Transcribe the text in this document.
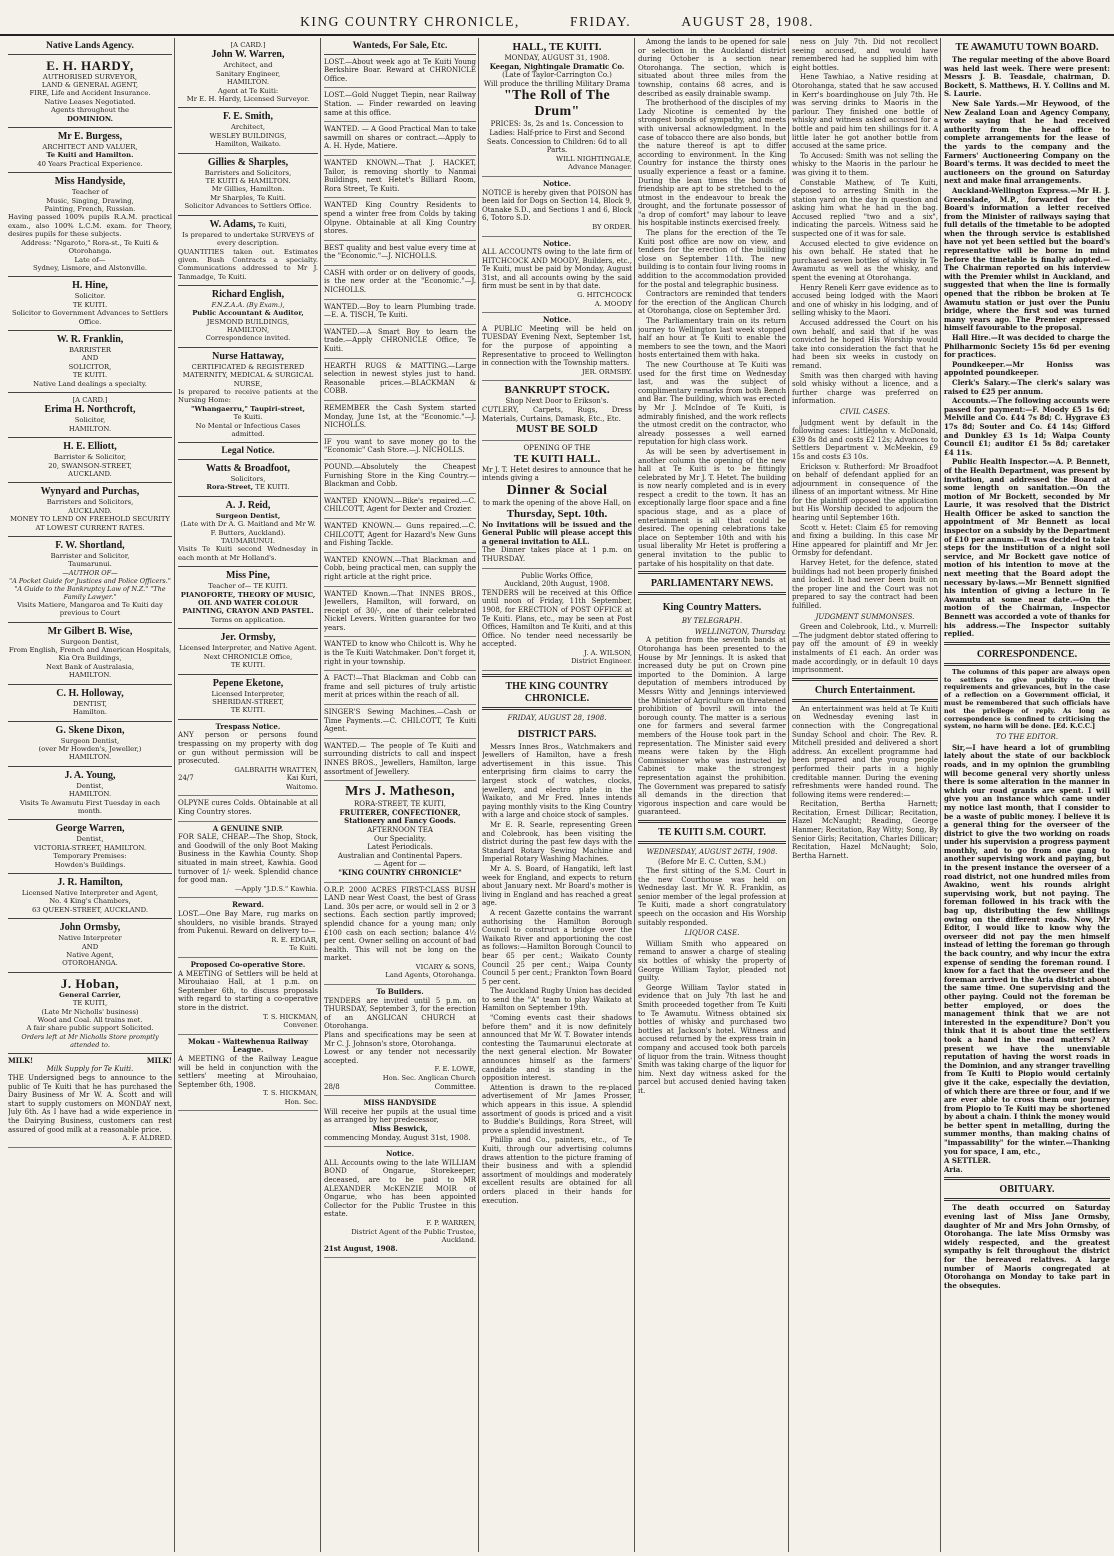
KING COUNTRY CHRONICLE,	FRIDAY.	AUGUST 28, 1908.
Native Lands Agency.
E. H. HARDY,
AUTHORISED SURVEYOR,
LAND & GENERAL AGENT,
FIRE, Life and Accident Insurance.
Native Leases Negotiated.
Agents throughout the
DOMINION.
Mr E. Burgess,
ARCHITECT AND VALUER,
Te Kuiti and Hamilton.
40 Years Practical Experience.
Miss Handyside,
Teacher of
Music, Singing, Drawing,
Painting, French, Russian.
Having passed 100% pupils R.A.M. practical exam., also 100% L.C.M. exam. for Theory, desires pupils for these subjects.
Address: "Ngaroto," Rora-st., Te Kuiti & Otorohanga.
Late of—
Sydney, Lismore, and Alstonville.
H. Hine,
Solicitor.
TE KUITI.
Solicitor to Government Advances to Settlers Office.
W. R. Franklin,
BARRISTER
AND
SOLICITOR,
TE KUITI.
Native Land dealings a specialty.
[A CARD.]
Erima H. Northcroft,
Solicitor,
HAMILTON.
H. E. Elliott,
Barrister & Solicitor,
20, SWANSON-STREET,
AUCKLAND.
Wynyard and Purchas,
Barristers and Solicitors,
AUCKLAND.
MONEY TO LEND ON FREEHOLD SECURITY AT LOWEST CURRENT RATES.
F. W. Shortland,
Barrister and Solicitor,
Taumarunui.
—AUTHOR OF—
"A Pocket Guide for Justices and Police Officers." "A Guide to the Bankruptcy Law of N.Z." "The Family Lawyer."
Visits Matiere, Mangaroa and Te Kuiti day previous to Court
Mr Gilbert B. Wise,
Surgeon Dentist,
From English, French and American Hospitals,
Kia Ora Buildings,
Next Bank of Australasia,
HAMILTON.
C. H. Holloway,
DENTIST,
Hamilton.
G. Skene Dixon,
Surgeon Dentist,
(over Mr Howden's, Jeweller,)
HAMILTON.
J. A. Young,
Dentist,
HAMILTON.
Visits Te Awamutu First Tuesday in each month.
George Warren,
Dentist,
VICTORIA-STREET, HAMILTON.
Temporary Premises:
Howden's Buildings.
J. R. Hamilton,
Licensed Native Interpreter and Agent,
No. 4 King's Chambers,
63 QUEEN-STREET, AUCKLAND.
John Ormsby,
Native Interpreter
AND
Native Agent,
OTOROHANGA.
J. Hoban,
General Carrier,
TE KUITI,
(Late Mr Nicholls' business)
Wood and Coal. All trains met.
A fair share public support Solicited.
Orders left at Mr Nicholls Store promptly attended to.
MILK!	MILK!
Milk Supply for Te Kuiti.
THE Undersigned begs to announce to the public of Te Kuiti that he has purchased the Dairy Business of Mr W. A. Scott and will start to supply customers on MONDAY next, July 6th. As I have had a wide experience in the Dairying Business, customers can rest assured of good milk at a reasonable price.
A. F. ALDRED.
[A CARD.]
John W. Warren,
Architect, and
Sanitary Engineer,
HAMILTON.
Agent at Te Kuiti:
Mr E. H. Hardy, Licensed Surveyor.
F. E. Smith,
Architect,
WESLEY BUILDINGS,
Hamilton, Waikato.
Gillies & Sharples,
Barristers and Solicitors,
TE KUITI & HAMILTON.
Mr Gillies, Hamilton.
Mr Sharples, Te Kuiti.
Solicitor Advances to Settlers Office.
W. Adams, Te Kuiti,
Is prepared to undertake SURVEYS of every description.
QUANTITIES taken out. Estimates given. Bush Contracts a specialty. Communications addressed to Mr J. Tanmadge, Te Kuiti.
Richard English,
F.N.Z.A.A. (By Exam.),
Public Accountant & Auditor,
JESMOND BUILDINGS,
HAMILTON,
Correspondence invited.
Nurse Hattaway,
CERTIFICATED & REGISTERED
MATERNITY, MEDICAL & SURGICAL NURSE,
Is prepared to receive patients at the Nursing Home:
"Whangaerru," Taupiri-street,
Te Kuiti.
No Mental or Infectious Cases admitted.
Legal Notice.
Watts & Broadfoot,
Solicitors,
Rora-Street, TE KUITI.
A. J. Reid,
Surgeon Dentist,
(Late with Dr A. G. Maitland and Mr W. F. Butters, Auckland).
TAUMARUNUI.
Visits Te Kuiti second Wednesday in each month at Mr Holland's.
Miss Pine,
Teacher of— TE KUITI.
PIANOFORTE, THEORY OF MUSIC, OIL AND WATER COLOUR PAINTING, CRAYON AND PASTEL.
Terms on application.
Jer. Ormsby,
Licensed Interpreter, and Native Agent.
Next CHRONICLE Office,
TE KUITI.
Pepene Eketone,
Licensed Interpreter,
SHERIDAN-STREET,
TE KUITI.
Trespass Notice.
ANY person or persons found trespassing on my property with dog or gun without permission will be prosecuted.
GALBRAITH WRATTEN,
24/7	Kai Kuri,
Waitomo.
OLPYNE cures Colds. Obtainable at all King Country stores.
A GENUINE SNIP.
FOR SALE, CHEAP.—The Shop, Stock, and Goodwill of the only Boot Making Business in the Kawhia County. Shop situated in main street, Kawhia. Good turnover of 1/- week. Splendid chance for good man.
—Apply "J.D.S." Kawhia.
Reward.
LOST.—One Bay Mare, rug marks on shoulders, no visible brands. Strayed from Pukenui. Reward on delivery to—
R. E. EDGAR,
Te Kuiti.
Proposed Co-operative Store.
A MEETING of Settlers will be held at Mirouhaiao Hall, at 1 p.m. on September 6th, to discuss proposals with regard to starting a co-operative store in the district.
T. S. HICKMAN,
Convener.
Mokau - Waitewhenua Railway League.
A MEETING of the Railway League will be held in conjunction with the settlers' meeting at Mirouhaiao, September 6th, 1908.
T. S. HICKMAN,
Hon. Sec.
Wanteds, For Sale, Etc.
LOST.—About week ago at Te Kuiti Young Berkshire Boar. Reward at CHRONICLE Office.
LOST.—Gold Nugget Tiepin, near Railway Station. — Finder rewarded on leaving same at this office.
WANTED. — A Good Practical Man to take sawmill on shares or contract.—Apply to A. H. Hyde, Matiere.
WANTED KNOWN.—That J. HACKET, Tailor, is removing shortly to Nanmai Buildings, next Hetet's Billiard Room, Rora Street, Te Kuiti.
WANTED King Country Residents to spend a winter free from Colds by taking Olpyne. Obtainable at all King Country stores.
BEST quality and best value every time at the "Economic."—J. NICHOLLS.
CASH with order or on delivery of goods, is the new order at the "Economic."—J. NICHOLLS.
WANTED.—Boy to learn Plumbing trade.—E. A. TISCH, Te Kuiti.
WANTED.—A Smart Boy to learn the trade.—Apply CHRONICLE Office, Te Kuiti.
HEARTH RUGS & MATTING.—Large selection in newest styles just to hand. Reasonable prices.—BLACKMAN & COBB.
REMEMBER the Cash System started Monday, June 1st, at the "Economic."—J. NICHOLLS.
IF you want to save money go to the "Economic" Cash Store.—J. NICHOLLS.
POUND.—Absolutely the Cheapest Furnishing Store in the King Country.—Blackman and Cobb.
WANTED KNOWN.—Bike's repaired.—C. CHILCOTT, Agent for Dexter and Crozier.
WANTED KNOWN.— Guns repaired.—C. CHILCOTT, Agent for Hazard's New Guns and Fishing Tackle.
WANTED KNOWN.—That Blackman and Cobb, being practical men, can supply the right article at the right price.
WANTED Known.—That INNES BROS., Jewellers, Hamilton, will forward, on receipt of 30/-, one of their celebrated Nickel Levers. Written guarantee for two years.
WANTED to know who Chilcott is. Why he is the Te Kuiti Watchmaker. Don't forget it, right in your township.
A FACT!—That Blackman and Cobb can frame and sell pictures of truly artistic merit at prices within the reach of all.
SINGER'S Sewing Machines.—Cash or Time Payments.—C. CHILCOTT, Te Kuiti Agent.
WANTED.— The people of Te Kuiti and surrounding districts to call and inspect INNES BROS., Jewellers, Hamilton, large assortment of Jewellery.
Mrs J. Matheson,
RORA-STREET, TE KUITI,
FRUITERER, CONFECTIONER,
Stationery and Fancy Goods.
AFTERNOON TEA
Our Speciality.
Latest Periodicals.
Australian and Continental Papers.
— Agent for —
"KING COUNTRY CHRONICLE"
O.R.P. 2000 ACRES FIRST-CLASS BUSH LAND near West Coast, the best of Grass Land. 30s per acre, or would sell in 2 or 3 sections. Each section partly improved; splendid chance for a young man; only £100 cash on each section; balance 4½ per cent. Owner selling on account of bad health. This will not be long on the market.
VICARY & SONS,
Land Agents, Otorohanga.
To Builders.
TENDERS are invited until 5 p.m. on THURSDAY, September 3, for the erection of an ANGLICAN CHURCH at Otorohanga.
Plans and specifications may be seen at Mr C. J. Johnson's store, Otorohanga.
Lowest or any tender not necessarily accepted.
F. E. LOWE,
Hon. Sec. Anglican Church
28/8	Committee.
MISS HANDYSIDE
Will receive her pupils at the usual time as arranged by her predecessor,
Miss Beswick,
commencing Monday, August 31st, 1908.
Notice.
ALL Accounts owing to the late WILLIAM BOND of Ongarue, Storekeeper, deceased, are to be paid to MR ALEXANDER McKENZIE MOIR of Ongarue, who has been appointed Collector for the Public Trustee in this estate.
F. P. WARREN,
District Agent of the Public Trustee, Auckland.
21st August, 1908.
HALL, TE KUITI.
MONDAY, AUGUST 31, 1908.
Keegan, Nightingale Dramatic Co.
(Late of Taylor-Carrington Co.)
Will produce the thrilling Military Drama
"The Roll of The Drum"
PRICES: 3s, 2s and 1s. Concession to Ladies: Half-price to First and Second Seats. Concession to Children: 6d to all Parts.
WILL NIGHTINGALE,
Advance Manager.
Notice.
NOTICE is hereby given that POISON has been laid for Dogs on Section 14, Block 9, Otanake S.D., and Sections 1 and 6, Block 6, Totoro S.D.
BY ORDER.
Notice.
ALL ACCOUNTS owing to the late firm of HITCHCOCK AND MOODY, Builders, etc., Te Kuiti, must be paid by Monday, August 31st, and all accounts owing by the said firm must be sent in by that date.
G. HITCHCOCK
A. MOODY
Notice.
A PUBLIC Meeting will be held on TUESDAY Evening Next, September 1st, for the purpose of appointing a Representative to proceed to Wellington in connection with the Township matters.
JER. ORMSBY.
BANKRUPT STOCK.
Shop Next Door to Erikson's.
CUTLERY, Carpets, Rugs, Dress Materials, Curtains, Damask, Etc., Etc.
MUST BE SOLD
OPENING OF THE
TE KUITI HALL.
Mr J. T. Hetet desires to announce that he intends giving a
Dinner & Social
to mark the opening of the above Hall, on
Thursday, Sept. 10th.
No Invitations will be issued and the General Public will please accept this a general invitation to ALL.
The Dinner takes place at 1 p.m. on THURSDAY.
Public Works Office,
Auckland, 20th August, 1908.
TENDERS will be received at this Office until noon of Friday, 11th September, 1908, for ERECTION of POST OFFICE at Te Kuiti. Plans, etc., may be seen at Post Offices, Hamilton and Te Kuiti, and at this Office. No tender need necessarily be accepted.
J. A. WILSON,
District Engineer.
THE KING COUNTRY CHRONICLE.
FRIDAY, AUGUST 28, 1908.
DISTRICT PARS.

Messrs Innes Bros., Watchmakers and Jewellers of Hamilton, have a fresh advertisement in this issue. This enterprising firm claims to carry the largest stock of watches, clocks, jewellery, and electro plate in the Waikato, and Mr Fred. Innes intends paying monthly visits to the King Country with a large and choice stock of samples.

Mr E. R. Searle, representing Green and Colebrook, has been visiting the district during the past few days with the Standard Rotary Sewing Machine and Imperial Rotary Washing Machines.

Mr A. S. Board, of Hangatiki, left last week for England, and expects to return about January next. Mr Board's mother is living in England and has reached a great age.

A recent Gazette contains the warrant authorising the Hamilton Borough Council to construct a bridge over the Waikato River and apportioning the cost as follows:—Hamilton Borough Council to bear 65 per cent.; Waikato County Council 25 per cent.; Waipa County Council 5 per cent.; Frankton Town Board 5 per cent.

The Auckland Rugby Union has decided to send the "A" team to play Waikato at Hamilton on September 19th.

"Coming events cast their shadows before them" and it is now definitely announced that Mr W. T. Bowater intends contesting the Taumarunui electorate at the next general election. Mr Bowater announces himself as the farmers' candidate and is standing in the opposition interest.

Attention is drawn to the re-placed advertisement of Mr James Prosser, which appears in this issue. A splendid assortment of goods is priced and a visit to Buddie's Buildings, Rora Street, will prove a splendid investment.

Phillip and Co., painters, etc., of Te Kuiti, through our advertising columns draws attention to the picture framing of their business and with a splendid assortment of mouldings and moderately excellent results are obtained for all orders placed in their hands for execution.

Among the lands to be opened for sale or selection in the Auckland district during October is a section near Otorohanga. The section, which is situated about three miles from the township, contains 68 acres, and is described as easily drainable swamp.

The brotherhood of the disciples of my Lady Nicotine is cemented by the strongest bonds of sympathy, and meets with universal acknowledgment. In the case of tobacco there are also bonds, but the nature thereof is apt to differ according to environment. In the King Country for instance the thirsty ones usually experience a feast or a famine. During the lean times the bonds of friendship are apt to be stretched to the utmost in the endeavour to break the drought, and the fortunate possessor of "a drop of comfort" may labour to leave his hospitable instincts exercised freely.

The plans for the erection of the Te Kuiti post office are now on view, and tenders for the erection of the building close on September 11th. The new building is to contain four living rooms in addition to the accommodation provided for the postal and telegraphic business.

Contractors are reminded that tenders for the erection of the Anglican Church at Otorohanga, close on September 3rd.

The Parliamentary train on its return journey to Wellington last week stopped half an hour at Te Kuiti to enable the members to see the town, and the Maori hosts entertained them with haka.

The new Courthouse at Te Kuiti was used for the first time on Wednesday last, and was the subject of complimentary remarks from both Bench and Bar. The building, which was erected by Mr J. McIndoe of Te Kuiti, is admirably finished, and the work reflects the utmost credit on the contractor, who already possesses a well earned reputation for high class work.

As will be seen by advertisement in another column the opening of the new hall at Te Kuiti is to be fittingly celebrated by Mr J. T. Hetet. The building is now nearly completed and is in every respect a credit to the town. It has an exceptionally large floor space and a fine spacious stage, and as a place of entertainment is all that could be desired. The opening celebrations take place on September 10th and with his usual liberality Mr Hetet is proffering a general invitation to the public to partake of his hospitality on that date.

PARLIAMENTARY NEWS.
King Country Matters.
BY TELEGRAPH.
WELLINGTON, Thursday.

A petition from the seventh bands at Otorohanga has been presented to the House by Mr Jennings. It is asked that increased duty be put on Crown pine imported to the Dominion. A large deputation of members introduced by Messrs Witty and Jennings interviewed the Minister of Agriculture on threatened prohibition of bovril swill into the borough county. The matter is a serious one for farmers and several farmer members of the House took part in the representation. The Minister said every means were taken by the High Commissioner who was instructed by Cabinet to make the strongest representation against the prohibition. The Government was prepared to satisfy all demands in the direction that vigorous inspection and care would be guaranteed.

TE KUITI S.M. COURT.
WEDNESDAY, AUGUST 26TH, 1908.
(Before Mr E. C. Cutten, S.M.)

The first sitting of the S.M. Court in the new Courthouse was held on Wednesday last. Mr W. R. Franklin, as senior member of the legal profession at Te Kuiti, made a short congratulatory speech on the occasion and His Worship suitably responded.

LIQUOR CASE.

William Smith who appeared on remand to answer a charge of stealing six bottles of whisky the property of George William Taylor, pleaded not guilty.

George William Taylor stated in evidence that on July 7th last he and Smith proceeded together from Te Kuiti to Te Awamutu. Witness obtained six bottles of whisky and purchased two bottles at Jackson's hotel. Witness and accused returned by the express train in company and accused took both parcels of liquor from the train. Witness thought Smith was taking charge of the liquor for him. Next day witness asked for the parcel but accused denied having taken it.

ness on July 7th. Did not recollect seeing accused, and would have remembered had he supplied him with eight bottles.

Hene Tawhiao, a Native residing at Otorohanga, stated that he saw accused in Kerr's boardinghouse on July 7th. He was serving drinks to Maoris in the parlour. They finished one bottle of whisky and witness asked accused for a bottle and paid him ten shillings for it. A little later he got another bottle from accused at the same price.

To Accused: Smith was not selling the whisky to the Maoris in the parlour he was giving it to them.

Constable Mathew, of Te Kuiti, deposed to arresting Smith in the station yard on the day in question and asking him what he had in the bag. Accused replied "two and a six", indicating the parcels. Witness said he suspected one of it was for sale.

Accused elected to give evidence on his own behalf. He stated that he purchased seven bottles of whisky in Te Awamutu as well as the whisky, and spent the evening at Otorohanga.

Henry Reneli Kerr gave evidence as to accused being lodged with the Maori and one of whisky in his lodging, and of selling whisky to the Maori.

Accused addressed the Court on his own behalf, and said that if he was convicted he hoped His Worship would take into consideration the fact that he had been six weeks in custody on remand.

Smith was then charged with having sold whisky without a licence, and a further charge was preferred on information.

CIVIL CASES.

Judgment went by default in the following cases: Littlejohn v. McDonald, £39 8s 8d and costs £2 12s; Advances to Settlers Department v. McMeekin, £9 15s and costs £3 10s.

Erickson v. Rutherford: Mr Broadfoot on behalf of defendant applied for an adjournment in consequence of the illness of an important witness. Mr Hine for the plaintiff opposed the application but His Worship decided to adjourn the hearing until September 16th.

Scott v. Hetet: Claim £5 for removing and fixing a building. In this case Mr Hine appeared for plaintiff and Mr Jer. Ormsby for defendant.

Harvey Hetet, for the defence, stated buildings had not been properly finished and locked. It had never been built on the proper line and the Court was not prepared to say the contract had been fulfilled.

JUDGMENT SUMMONSES.

Green and Colebrook, Ltd., v. Murrell:—The judgment debtor stated offering to pay off the amount of £9 in weekly instalments of £1 each. An order was made accordingly, or in default 10 days imprisonment.

Church Entertainment.

An entertainment was held at Te Kuiti on Wednesday evening last in connection with the Congregational Sunday School and choir. The Rev. R. Mitchell presided and delivered a short address. An excellent programme had been prepared and the young people performed their parts in a highly creditable manner. During the evening refreshments were handed round. The following items were rendered:—

Recitation, Bertha Harnett; Recitation, Ernest Dillicar; Recitation, Hazel McNaught; Reading, George Hanmer; Recitation, Ray Witty; Song, By Senior Girls; Recitation, Charles Dillicar; Recitation, Hazel McNaught; Solo, Bertha Harnett.

TE AWAMUTU TOWN BOARD.

The regular meeting of the above Board was held last week. There were present: Messrs J. B. Teasdale, chairman, D. Bockett, S. Matthews, H. Y. Collins and M. S. Laurie.

New Sale Yards.—Mr Heywood, of the New Zealand Loan and Agency Company, wrote saying that he had received authority from the head office to complete arrangements for the lease of the yards to the company and the Farmers' Auctioneering Company on the Board's terms. It was decided to meet the auctioneers on the ground on Saturday next and make final arrangements.

Auckland-Wellington Express.—Mr H. J. Greenslade, M.P., forwarded for the Board's information a letter received from the Minister of railways saying that full details of the timetable to be adopted when the through service is established have not yet been settled but the board's representative will be borne in mind before the timetable is finally adopted.—The Chairman reported on his interview with the Premier whilst in Auckland, and suggested that when the line is formally opened that the ribbon be broken at Te Awamutu station or just over the Puniu bridge, where the first sod was turned many years ago. The Premier expressed himself favourable to the proposal.

Hall Hire.—It was decided to charge the Philharmonic Society 15s 6d per evening for practices.

Poundkeeper.—Mr Honiss was appointed poundkeeper.

Clerk's Salary.—The clerk's salary was raised to £25 per annum.

Accounts.—The following accounts were passed for payment:—F. Moody £5 1s 6d; Melville and Co. £44 7s 8d; C. Hygrave £3 17s 8d; Souter and Co. £4 14s; Gifford and Dunkley £3 1s 1d; Waipa County Council £1; auditor £1 5s 8d; caretaker £4 11s.

Public Health Inspector.—A. P. Bennett, of the Health Department, was present by invitation, and addressed the Board at some length on sanitation.—On the motion of Mr Bockett, seconded by Mr Laurie, it was resolved that the District Health Officer be asked to sanction the appointment of Mr Bennett as local inspector on a subsidy by the Department of £10 per annum.—It was decided to take steps for the institution of a night soil service, and Mr Bockett gave notice of motion of his intention to move at the next meeting that the Board adopt the necessary by-laws.—Mr Bennett signified his intention of giving a lecture in Te Awamutu at some near date.—On the motion of the Chairman, Inspector Bennett was accorded a vote of thanks for his address.—The Inspector suitably replied.

CORRESPONDENCE.

The columns of this paper are always open to settlers to give publicity to their requirements and grievances, but in the case of a reflection on a Government official, it must be remembered that such officials have not the privilege of reply. As long as correspondence is confined to criticising the system, no harm will be done. [Ed. K.C.C.]

TO THE EDITOR.

Sir,—I have heard a lot of grumbling lately about the state of our backblock roads, and in my opinion the grumbling will become general very shortly unless there is some alteration in the manner in which our road grants are spent. I will give you an instance which came under my notice last month, that I consider to be a waste of public money. I believe it is a general thing for the overseer of the district to give the two working on roads under his supervision a progress payment monthly, and to go from one gang to another supervising work and paying, but in the present instance the overseer of a road district, not one hundred miles from Awakino, went his rounds alright supervising work, but not paying. The foreman followed in his track with the bag up, distributing the few shillings owing on the different roads. Now, Mr Editor, I would like to know why the overseer did not pay the men himself instead of letting the foreman go through the back country, and why incur the extra expense of sending the foreman round. I know for a fact that the overseer and the foreman arrived in the Aria district about the same time. One supervising and the other paying. Could not the foreman be better employed, or does the management think that we are not interested in the expenditure? Don't you think that it is about time the settlers took a hand in the road matters? At present we have the unenviable reputation of having the worst roads in the Dominion, and any stranger travelling from Te Kuiti to Piopio would certainly give it the cake, especially the deviation, of which there are three or four, and if we are ever able to cross them our journey from Piopio to Te Kuiti may be shortened by about a chain. I think the money would be better spent in metalling, during the summer months, than making chains of "impassability" for the winter.—Thanking you for space, I am, etc.,

A SETTLER.
Aria.
OBITUARY.

The death occurred on Saturday evening last of Miss Jane Ormsby, daughter of Mr and Mrs John Ormsby, of Otorohanga. The late Miss Ormsby was widely respected, and the greatest sympathy is felt throughout the district for the bereaved relatives. A large number of Maoris congregated at Otorohanga on Monday to take part in the obsequies.
